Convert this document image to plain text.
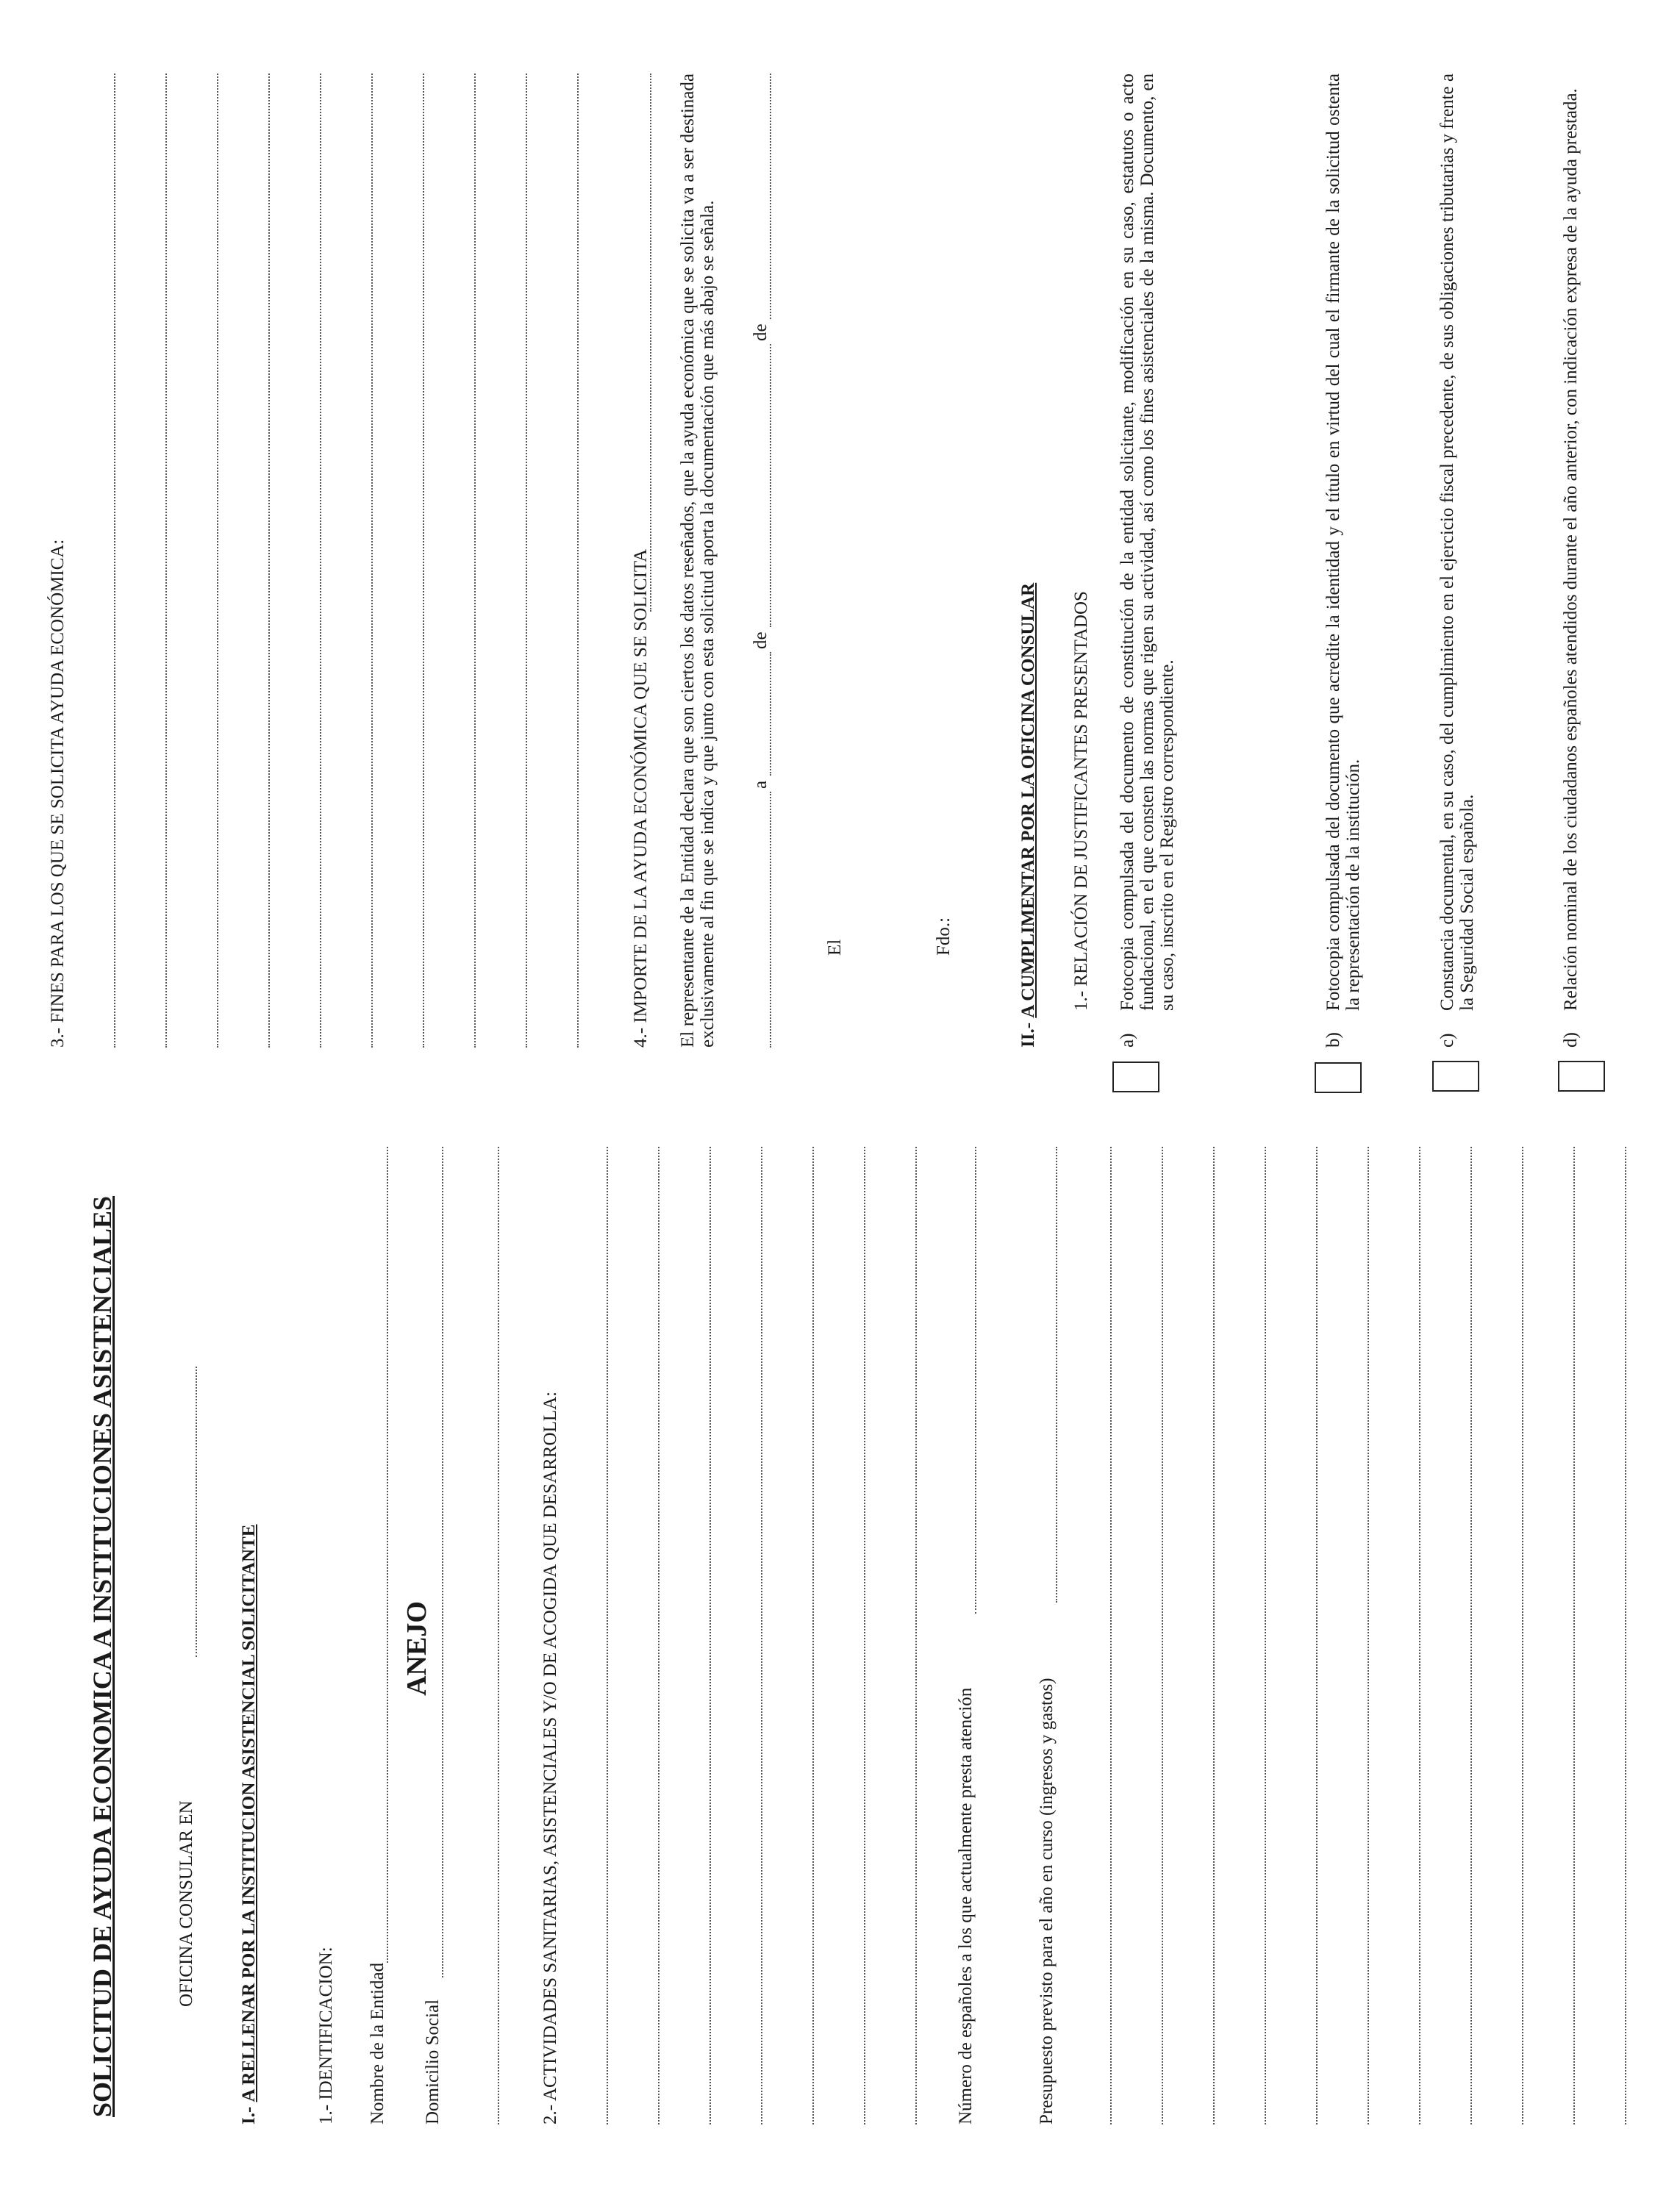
ANEJO
SOLICITUD DE AYUDA ECONOMICA A INSTITUCIONES ASISTENCIALES	OFICINA CONSULAR EN
I.- A RELLENAR POR LA INSTITUCION ASISTENCIAL SOLICITANTE	1.- IDENTIFICACION: Nombre de la Entidad Domicilio Social	2.- ACTIVIDADES SANITARIAS, ASISTENCIALES Y/O DE ACOGIDA QUE DESARROLLA:	Número de españoles a los que actualmente presta atención	Presupuesto previsto para el año en curso (ingresos y gastos)
3.- FINES PARA LOS QUE SE SOLICITA AYUDA ECONÓMICA:	4.- IMPORTE DE LA AYUDA ECONÓMICA QUE SE SOLICITA El representante de la Entidad declara que son ciertos los datos reseñados, que la ayuda económica que se solicita va a ser destinada exclusivamente al fin que se indica y que junto con esta solicitud aporta la documentación que más abajo se señala. a
de
de
El	Fdo.:
II.- A CUMPLIMENTAR POR LA OFICINA CONSULAR 1.- RELACIÓN DE JUSTIFICANTES PRESENTADOS
a)
Fotocopia compulsada del documento de constitución de la entidad solicitante, modificación en su caso, estatutos o acto fundacional, en el que consten las normas que rigen su actividad, así como los fines asistenciales de la misma. Documento, en su caso, inscrito en el Registro correspondiente.
b)
Fotocopia compulsada del documento que acredite la identidad y el título en virtud del cual el firmante de la solicitud ostenta la representación de la institución.
c)
Constancia documental, en su caso, del cumplimiento en el ejercicio fiscal precedente, de sus obligaciones tributarias y frente a la Seguridad Social española.
d)
Relación nominal de los ciudadanos españoles atendidos durante el año anterior, con indicación expresa de la ayuda prestada.
